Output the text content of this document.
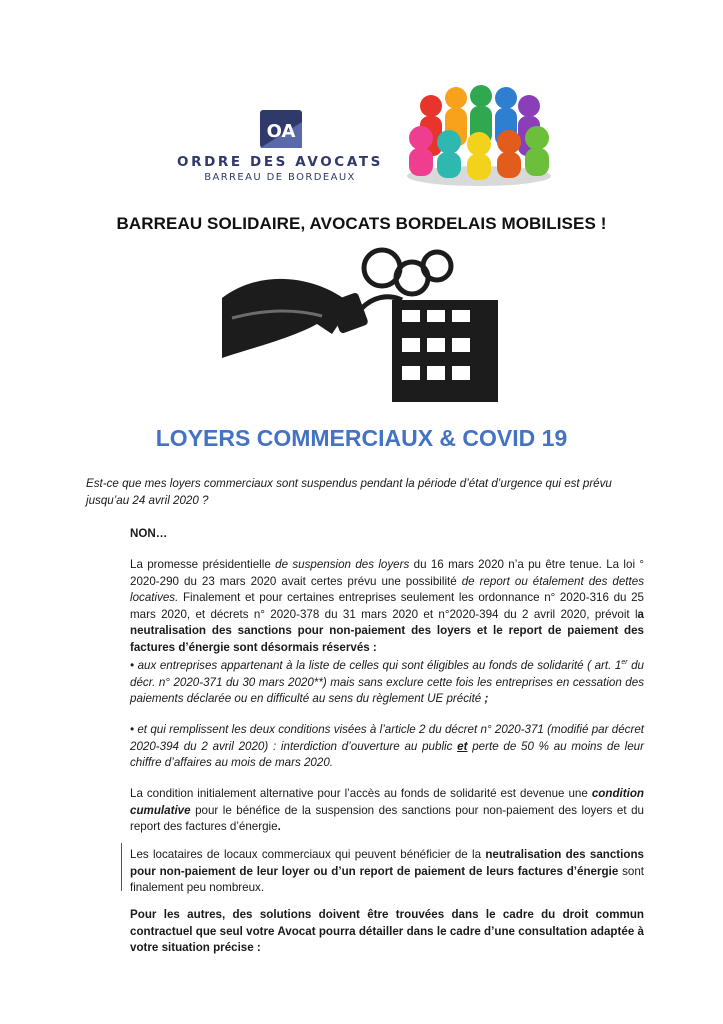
OA
ORDRE DES AVOCATS
BARREAU DE BORDEAUX
BARREAU SOLIDAIRE, AVOCATS BORDELAIS MOBILISES !
LOYERS COMMERCIAUX & COVID 19

Est-ce que mes loyers commerciaux sont suspendus pendant la période d’état d’urgence qui est prévu jusqu’au 24 avril 2020 ?

NON…

La promesse présidentielle de suspension des loyers du 16 mars 2020 n’a pu être tenue. La loi ° 2020-290 du 23 mars 2020 avait certes prévu une possibilité de report ou étalement des dettes locatives. Finalement et pour certaines entreprises seulement les ordonnance n° 2020-316 du 25 mars 2020, et décrets n° 2020-378 du 31 mars 2020 et n°2020-394 du 2 avril 2020, prévoit la neutralisation des sanctions pour non-paiement des loyers et le report de paiement des factures d’énergie sont désormais réservés :

• aux entreprises appartenant à la liste de celles qui sont éligibles au fonds de solidarité ( art. 1er du décr. n° 2020-371 du 30 mars 2020**) mais sans exclure cette fois les entreprises en cessation des paiements déclarée ou en difficulté au sens du règlement UE précité ;

• et qui remplissent les deux conditions visées à l’article 2 du décret n° 2020-371 (modifié par décret 2020-394 du 2 avril 2020) : interdiction d’ouverture au public et perte de 50 % au moins de leur chiffre d’affaires au mois de mars 2020.

La condition initialement alternative pour l’accès au fonds de solidarité est devenue une condition cumulative pour le bénéfice de la suspension des sanctions pour non-paiement des loyers et du report des factures d’énergie.

Les locataires de locaux commerciaux qui peuvent bénéficier de la neutralisation des sanctions pour non-paiement de leur loyer ou d’un report de paiement de leurs factures d’énergie sont finalement peu nombreux.

Pour les autres, des solutions doivent être trouvées dans le cadre du droit commun contractuel que seul votre Avocat pourra détailler dans le cadre d’une consultation adaptée à votre situation précise :
